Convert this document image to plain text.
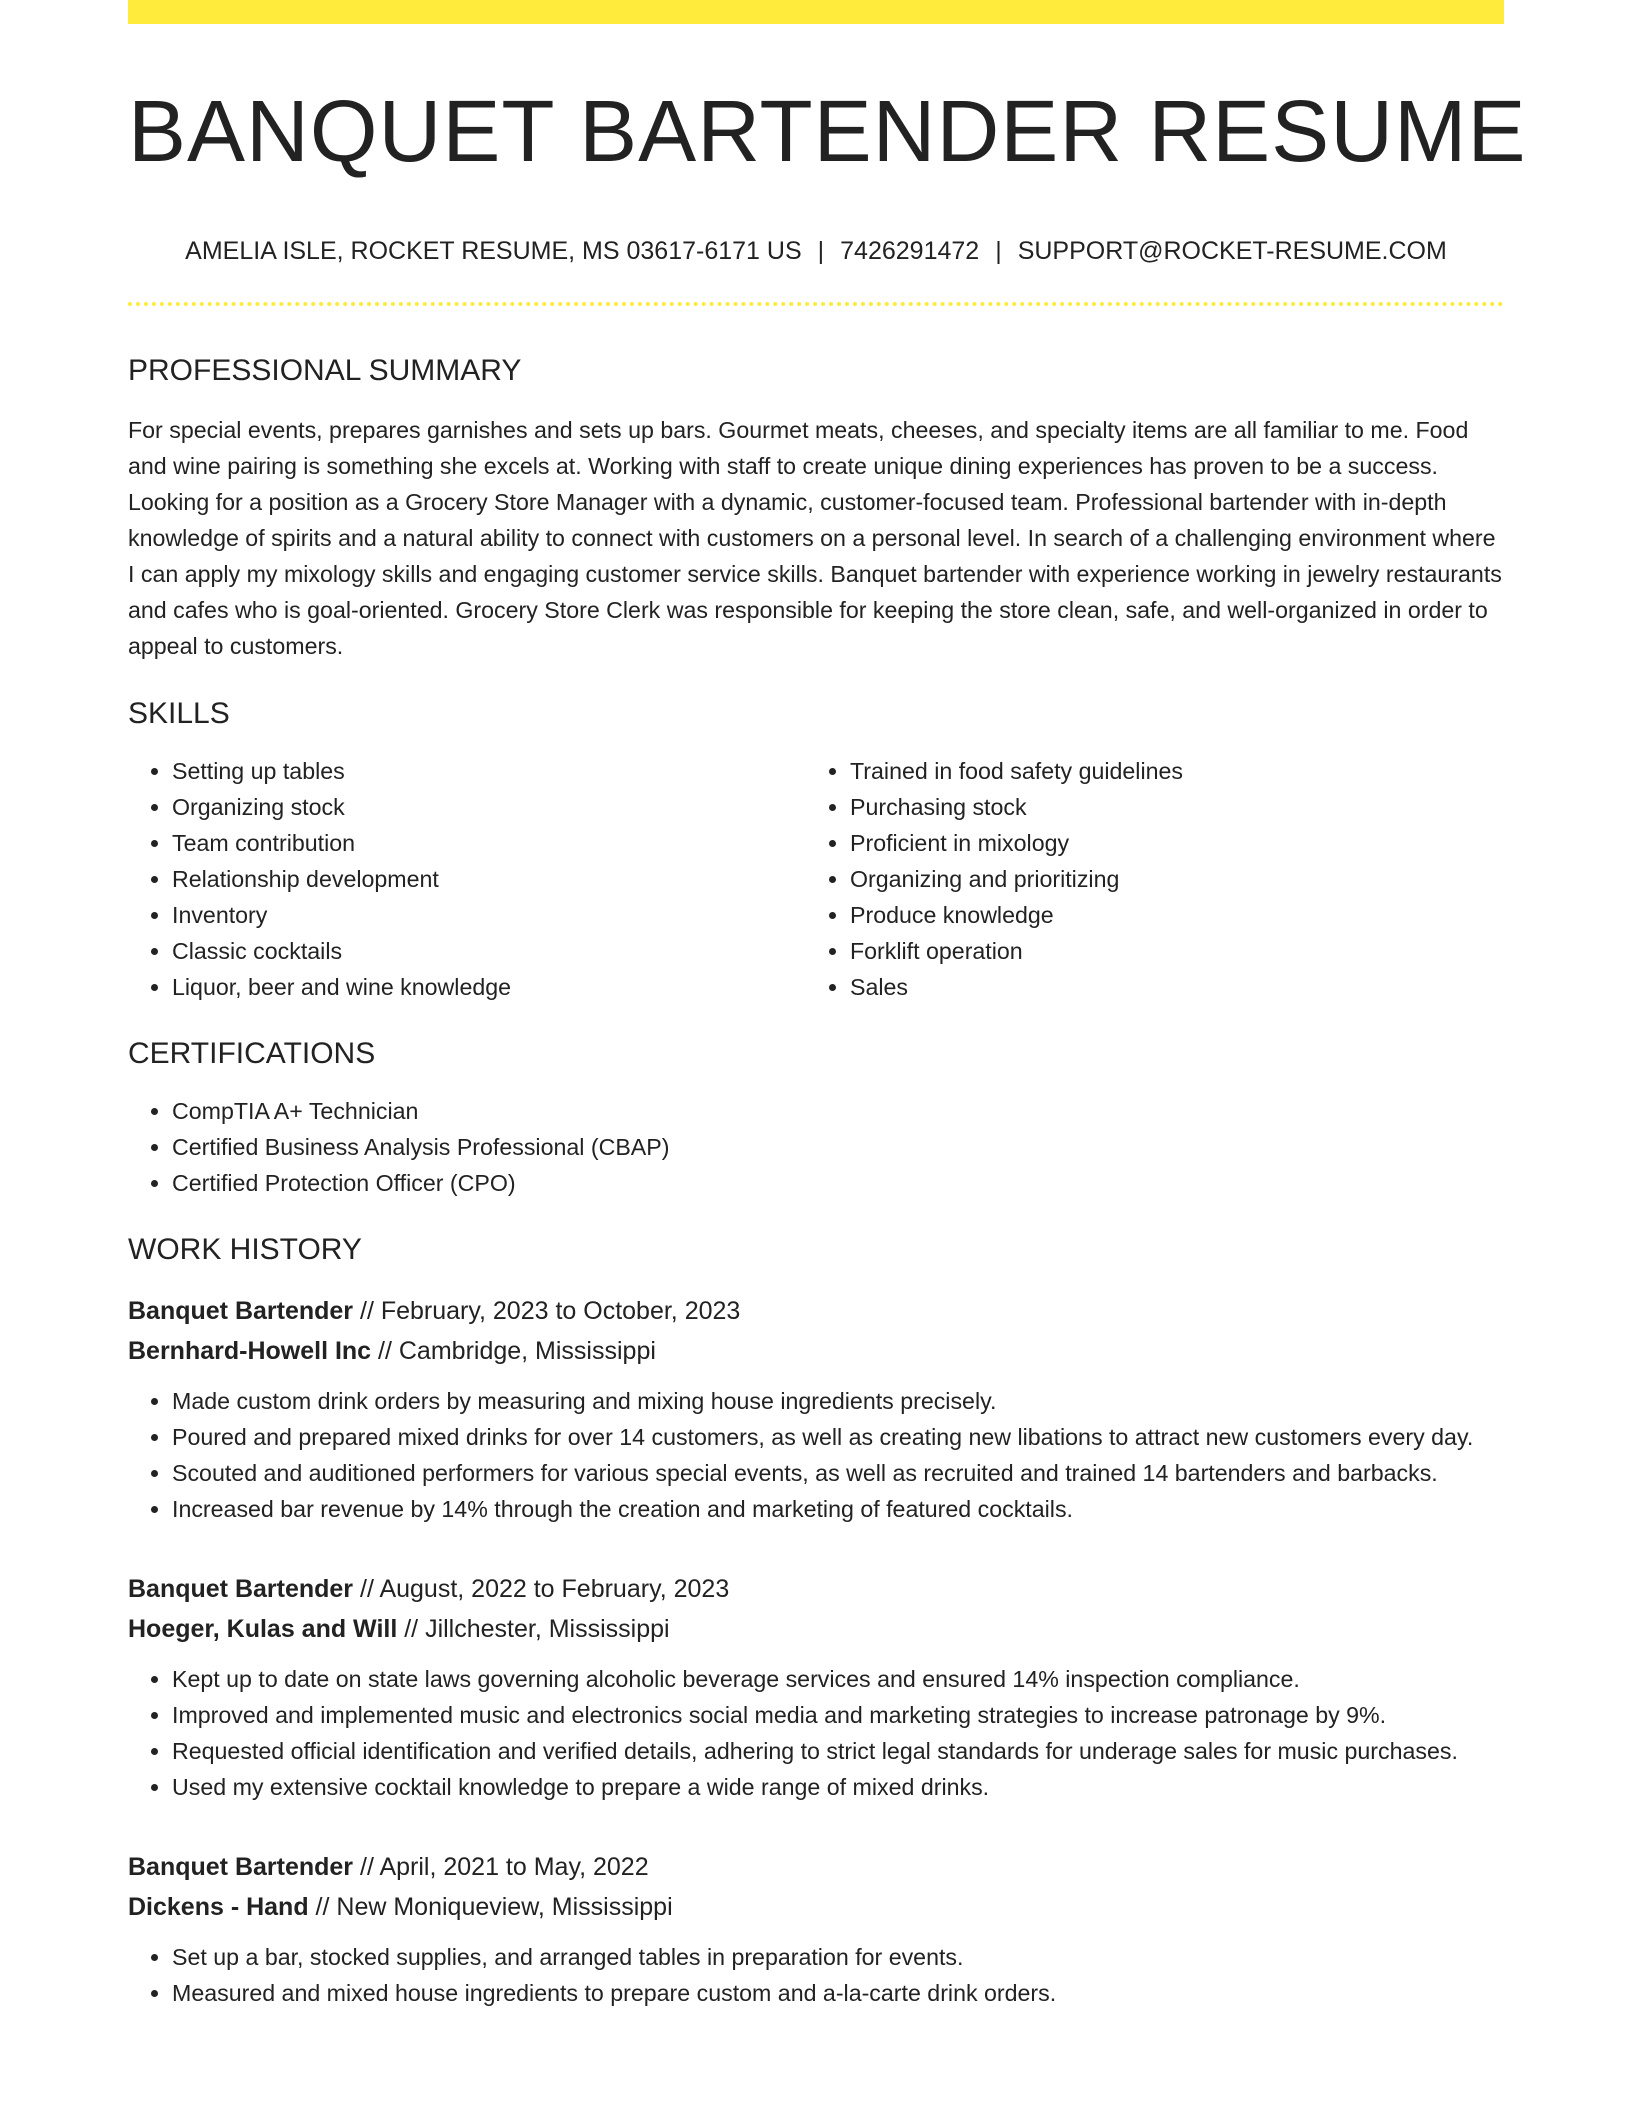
BANQUET BARTENDER RESUME
AMELIA ISLE, ROCKET RESUME, MS 03617-6171 US | 7426291472 | SUPPORT@ROCKET-RESUME.COM
PROFESSIONAL SUMMARY

For special events, prepares garnishes and sets up bars. Gourmet meats, cheeses, and specialty items are all familiar to me. Food and wine pairing is something she excels at. Working with staff to create unique dining experiences has proven to be a success. Looking for a position as a Grocery Store Manager with a dynamic, customer-focused team. Professional bartender with in-depth knowledge of spirits and a natural ability to connect with customers on a personal level. In search of a challenging environment where I can apply my mixology skills and engaging customer service skills. Banquet bartender with experience working in jewelry restaurants and cafes who is goal-oriented. Grocery Store Clerk was responsible for keeping the store clean, safe, and well-organized in order to appeal to customers.

SKILLS
• Setting up tables
• Organizing stock
• Team contribution
• Relationship development
• Inventory
• Classic cocktails
• Liquor, beer and wine knowledge
• Trained in food safety guidelines
• Purchasing stock
• Proficient in mixology
• Organizing and prioritizing
• Produce knowledge
• Forklift operation
• Sales
CERTIFICATIONS
• CompTIA A+ Technician
• Certified Business Analysis Professional (CBAP)
• Certified Protection Officer (CPO)
WORK HISTORY
Banquet Bartender // February, 2023 to October, 2023
Bernhard-Howell Inc // Cambridge, Mississippi
• Made custom drink orders by measuring and mixing house ingredients precisely.
• Poured and prepared mixed drinks for over 14 customers, as well as creating new libations to attract new customers every day.
• Scouted and auditioned performers for various special events, as well as recruited and trained 14 bartenders and barbacks.
• Increased bar revenue by 14% through the creation and marketing of featured cocktails.
Banquet Bartender // August, 2022 to February, 2023
Hoeger, Kulas and Will // Jillchester, Mississippi
• Kept up to date on state laws governing alcoholic beverage services and ensured 14% inspection compliance.
• Improved and implemented music and electronics social media and marketing strategies to increase patronage by 9%.
• Requested official identification and verified details, adhering to strict legal standards for underage sales for music purchases.
• Used my extensive cocktail knowledge to prepare a wide range of mixed drinks.
Banquet Bartender // April, 2021 to May, 2022
Dickens - Hand // New Moniqueview, Mississippi
• Set up a bar, stocked supplies, and arranged tables in preparation for events.
• Measured and mixed house ingredients to prepare custom and a-la-carte drink orders.
